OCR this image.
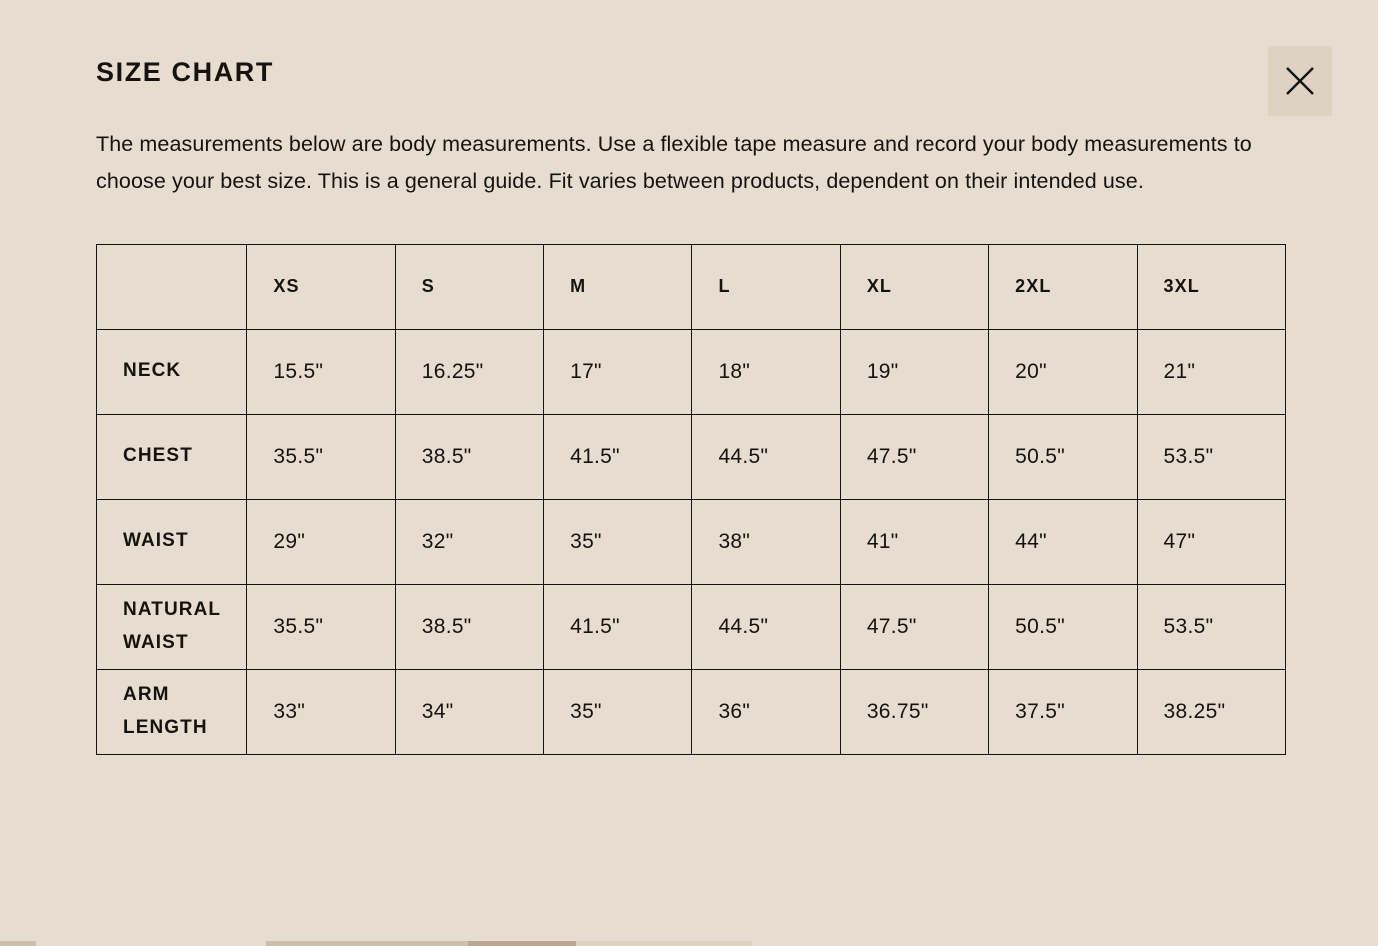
SIZE CHART

The measurements below are body measurements. Use a flexible tape measure and record your body measurements to choose your best size. This is a general guide. Fit varies between products, dependent on their intended use.

	XS	S	M	L	XL	2XL	3XL
NECK	15.5"	16.25"	17"	18"	19"	20"	21"
CHEST	35.5"	38.5"	41.5"	44.5"	47.5"	50.5"	53.5"
WAIST	29"	32"	35"	38"	41"	44"	47"
NATURAL WAIST	35.5"	38.5"	41.5"	44.5"	47.5"	50.5"	53.5"
ARM LENGTH	33"	34"	35"	36"	36.75"	37.5"	38.25"
